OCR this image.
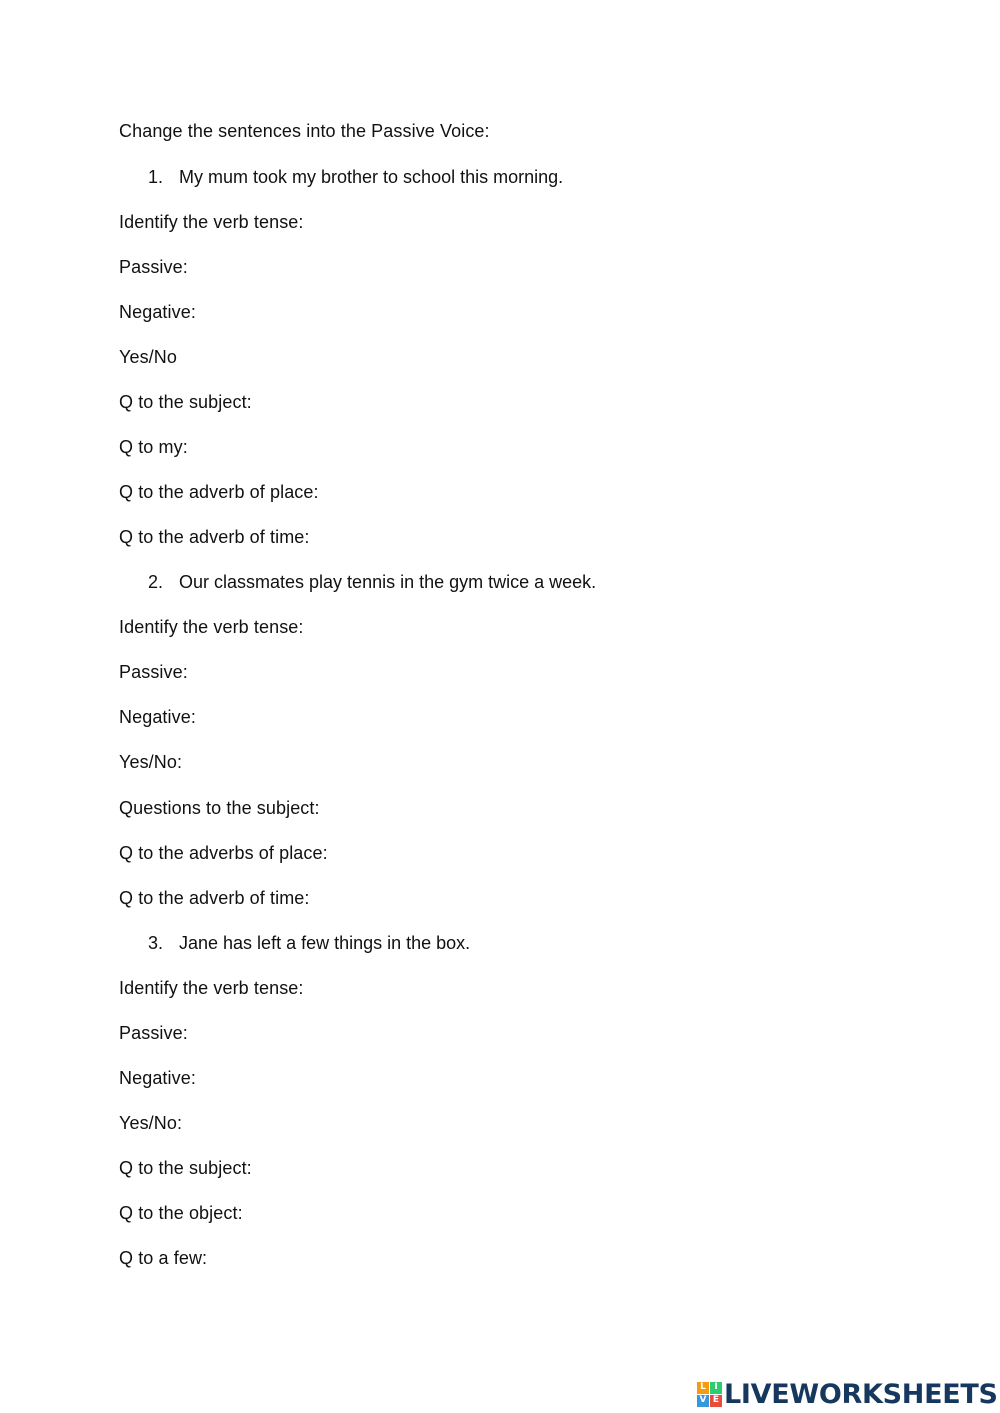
Change the sentences into the Passive Voice:
1. My mum took my brother to school this morning.
Identify the verb tense:
Passive:
Negative:
Yes/No
Q to the subject:
Q to my:
Q to the adverb of place:
Q to the adverb of time:
2. Our classmates play tennis in the gym twice a week.
Identify the verb tense:
Passive:
Negative:
Yes/No:
Questions to the subject:
Q to the adverbs of place:
Q to the adverb of time:
3. Jane has left a few things in the box.
Identify the verb tense:
Passive:
Negative:
Yes/No:
Q to the subject:
Q to the object:
Q to a few:
L I
V E LIVEWORKSHEETS
